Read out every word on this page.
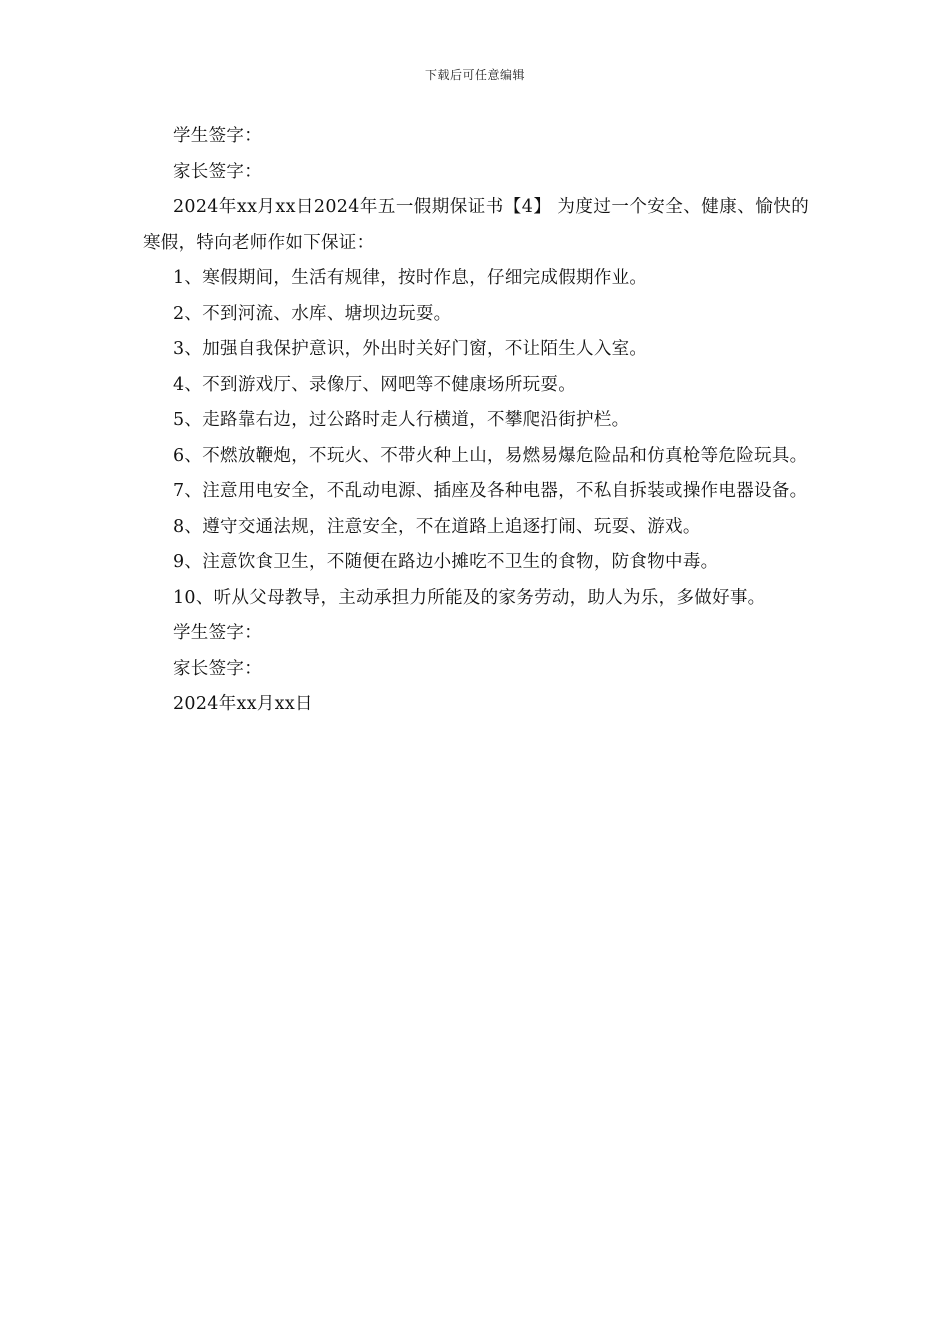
下载后可任意编辑

学生签字：

家长签字：

2024年xx月xx日2024年五一假期保证书【4】 为度过一个安全、健康、愉快的寒假，特向老师作如下保证：

1、寒假期间，生活有规律，按时作息，仔细完成假期作业。

2、不到河流、水库、塘坝边玩耍。

3、加强自我保护意识，外出时关好门窗，不让陌生人入室。

4、不到游戏厅、录像厅、网吧等不健康场所玩耍。

5、走路靠右边，过公路时走人行横道，不攀爬沿街护栏。

6、不燃放鞭炮，不玩火、不带火种上山，易燃易爆危险品和仿真枪等危险玩具。

7、注意用电安全，不乱动电源、插座及各种电器，不私自拆装或操作电器设备。

8、遵守交通法规，注意安全，不在道路上追逐打闹、玩耍、游戏。

9、注意饮食卫生，不随便在路边小摊吃不卫生的食物，防食物中毒。

10、听从父母教导，主动承担力所能及的家务劳动，助人为乐，多做好事。

学生签字：

家长签字：

2024年xx月xx日
